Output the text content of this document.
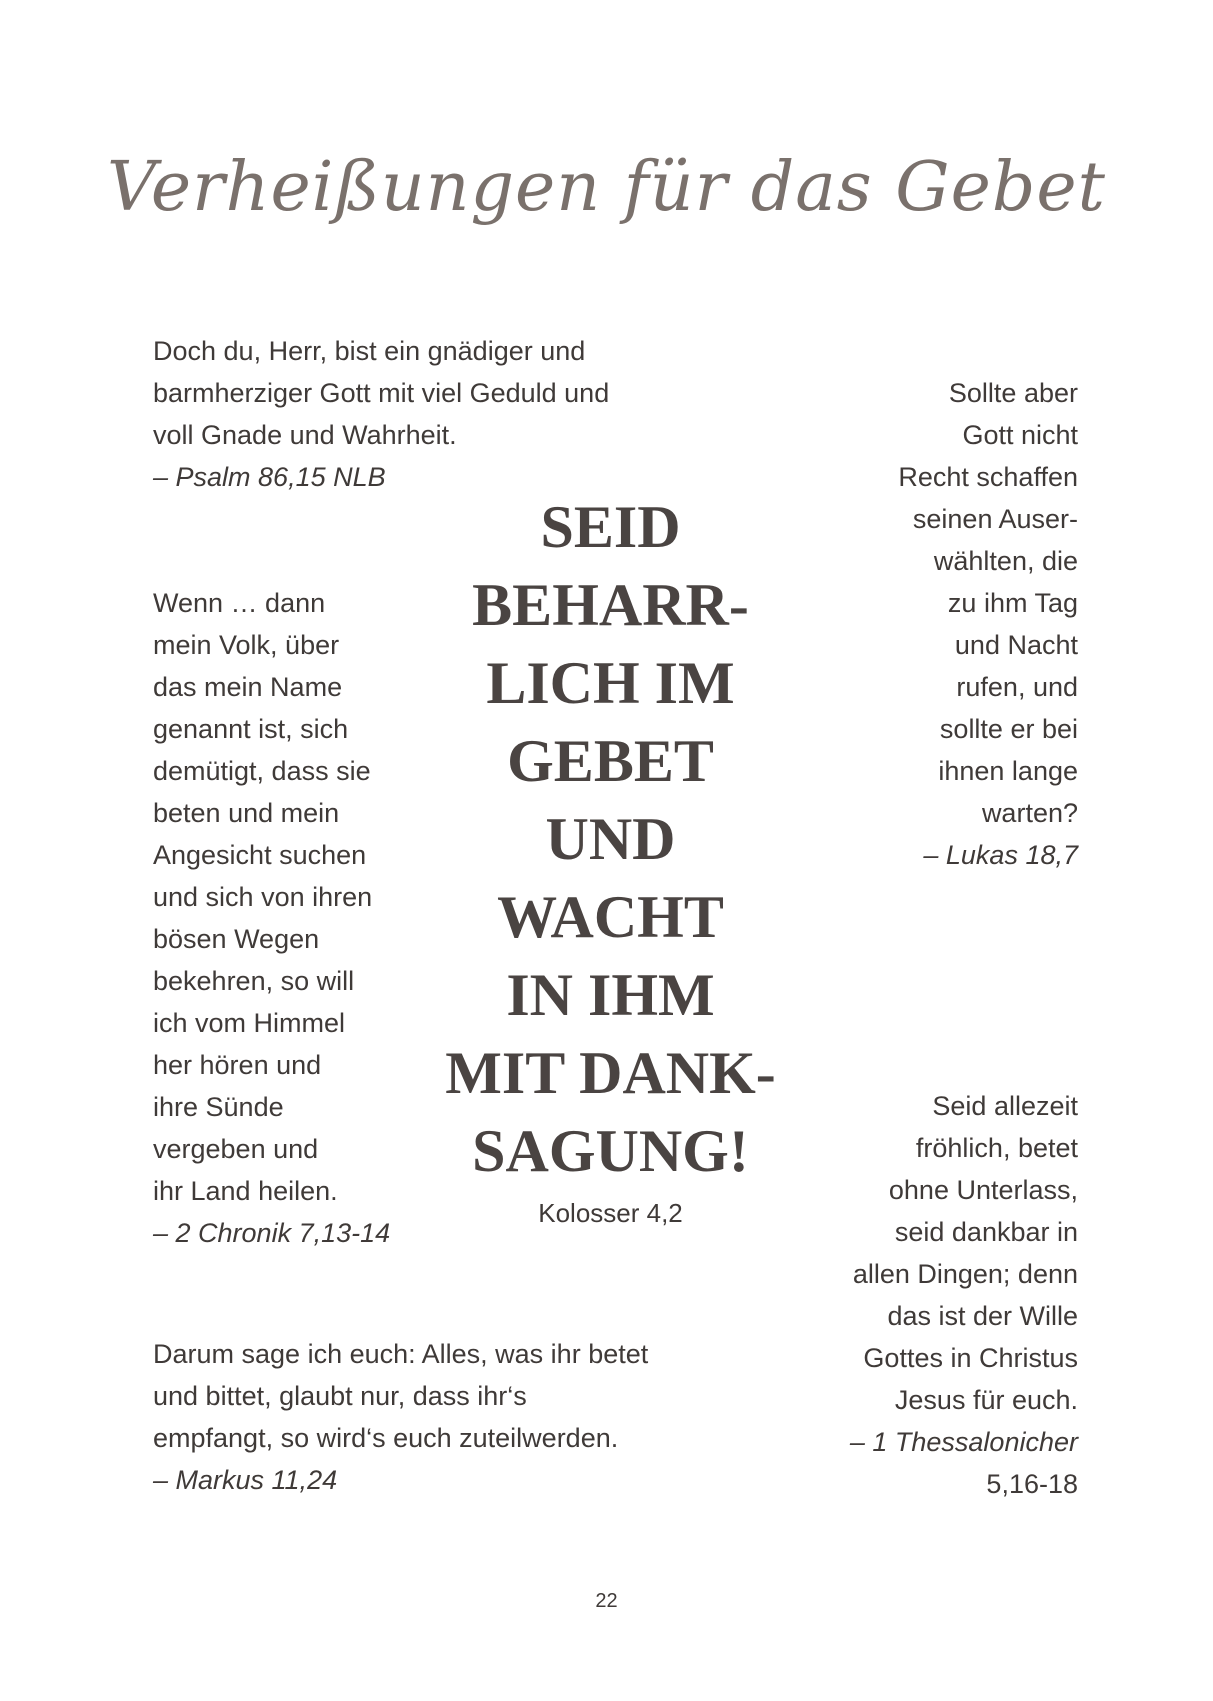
Verheißungen für das Gebet
Doch du, Herr, bist ein gnädiger und
barmherziger Gott mit viel Geduld und
voll Gnade und Wahrheit.
– Psalm 86,15 NLB
Wenn … dann
mein Volk, über
das mein Name
genannt ist, sich
demütigt, dass sie
beten und mein
Angesicht suchen
und sich von ihren
bösen Wegen
bekehren, so will
ich vom Himmel
her hören und
ihre Sünde
vergeben und
ihr Land heilen.
– 2 Chronik 7,13-14
Darum sage ich euch: Alles, was ihr betet
und bittet, glaubt nur, dass ihr‘s
empfangt, so wird‘s euch zuteilwerden.
– Markus 11,24
Sollte aber
Gott nicht
Recht schaffen
seinen Auser-
wählten, die
zu ihm Tag
und Nacht
rufen, und
sollte er bei
ihnen lange
warten?
– Lukas 18,7
Seid allezeit
fröhlich, betet
ohne Unterlass,
seid dankbar in
allen Dingen; denn
das ist der Wille
Gottes in Christus
Jesus für euch.
– 1 Thessalonicher
5,16-18
SEID
BEHARR-
LICH IM
GEBET
UND
WACHT
IN IHM
MIT DANK-
SAGUNG!
Kolosser 4,2
22
